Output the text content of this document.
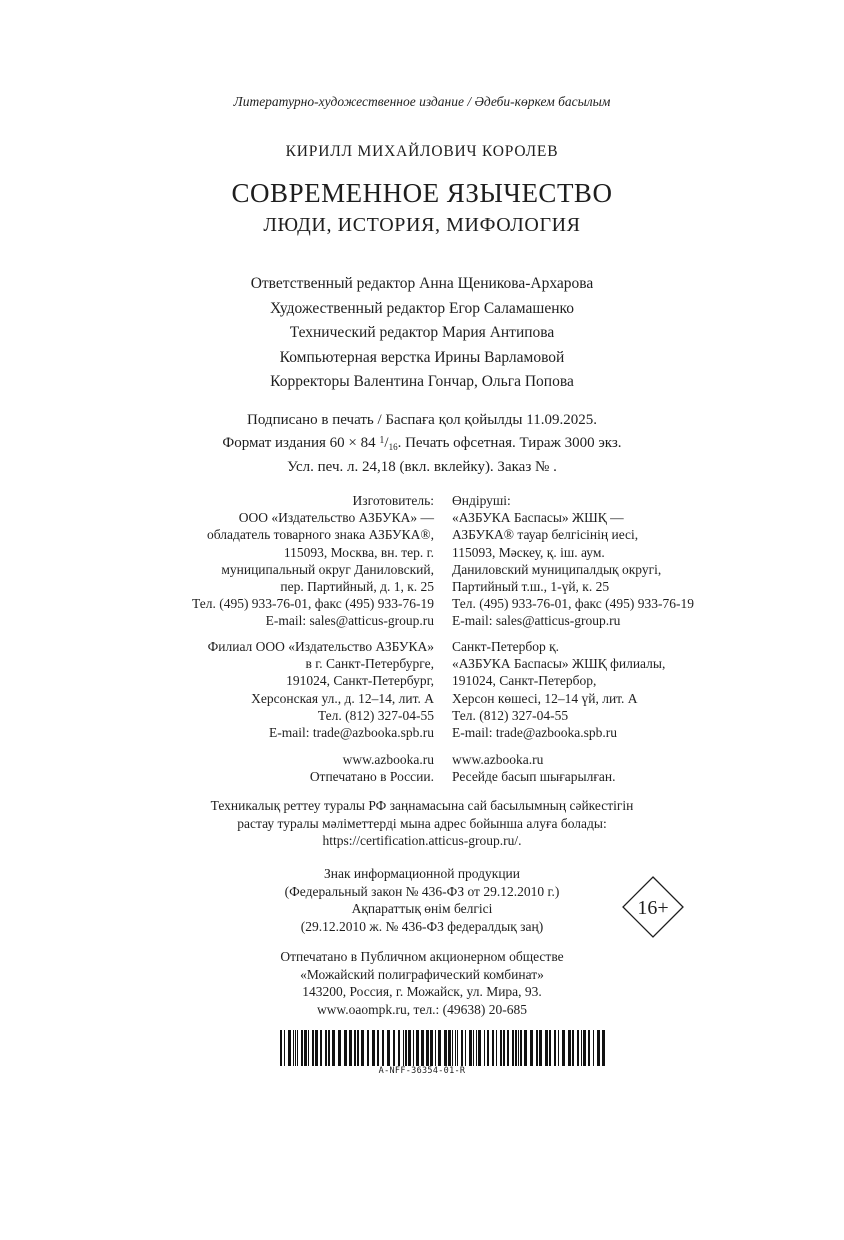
Литературно-художественное издание / Әдеби-көркем басылым
КИРИЛЛ МИХАЙЛОВИЧ КОРОЛЕВ
СОВРЕМЕННОЕ ЯЗЫЧЕСТВО
ЛЮДИ, ИСТОРИЯ, МИФОЛОГИЯ
Ответственный редактор Анна Щеникова-Архарова
Художественный редактор Егор Саламашенко
Технический редактор Мария Антипова
Компьютерная верстка Ирины Варламовой
Корректоры Валентина Гончар, Ольга Попова
Подписано в печать / Баспаға қол қойылды 11.09.2025.
Формат издания 60 × 84 $^1/_{16}$. Печать офсетная. Тираж 3000 экз.
Усл. печ. л. 24,18 (вкл. вклейку). Заказ № .
Изготовитель:
ООО «Издательство АЗБУКА» —
обладатель товарного знака АЗБУКА®,
115093, Москва, вн. тер. г.
муниципальный округ Даниловский,
пер. Партийный, д. 1, к. 25
Тел. (495) 933-76-01, факс (495) 933-76-19
E-mail: sales@atticus-group.ru
Өндіруші:
«АЗБУКА Баспасы» ЖШҚ —
АЗБУКА® тауар белгісінің иесі,
115093, Мәскеу, қ. іш. аум.
Даниловский муниципалдық округі,
Партийный т.ш., 1-үй, к. 25
Тел. (495) 933-76-01, факс (495) 933-76-19
E-mail: sales@atticus-group.ru
Филиал ООО «Издательство АЗБУКА»
в г. Санкт-Петербурге,
191024, Санкт-Петербург,
Херсонская ул., д. 12–14, лит. А
Тел. (812) 327-04-55
E-mail: trade@azbooka.spb.ru
Санкт-Петербор қ.
«АЗБУКА Баспасы» ЖШҚ филиалы,
191024, Санкт-Петербор,
Херсон көшесі, 12–14 үй, лит. А
Тел. (812) 327-04-55
E-mail: trade@azbooka.spb.ru
www.azbooka.ru
Отпечатано в России.
www.azbooka.ru
Ресейде басып шығарылған.
Техникалық реттеу туралы РФ заңнамасына сай басылымның сәйкестігін
растау туралы мәліметтерді мына адрес бойынша алуға болады:
https://certification.atticus-group.ru/.
Знак информационной продукции
(Федеральный закон № 436-ФЗ от 29.12.2010 г.)
Ақпараттық өнім белгісі
(29.12.2010 ж. № 436-ФЗ федералдық заң)
16+
Отпечатано в Публичном акционерном обществе
«Можайский полиграфический комбинат»
143200, Россия, г. Можайск, ул. Мира, 93.
www.oaompk.ru, тел.: (49638) 20-685
A-NFF-36354-01-R
